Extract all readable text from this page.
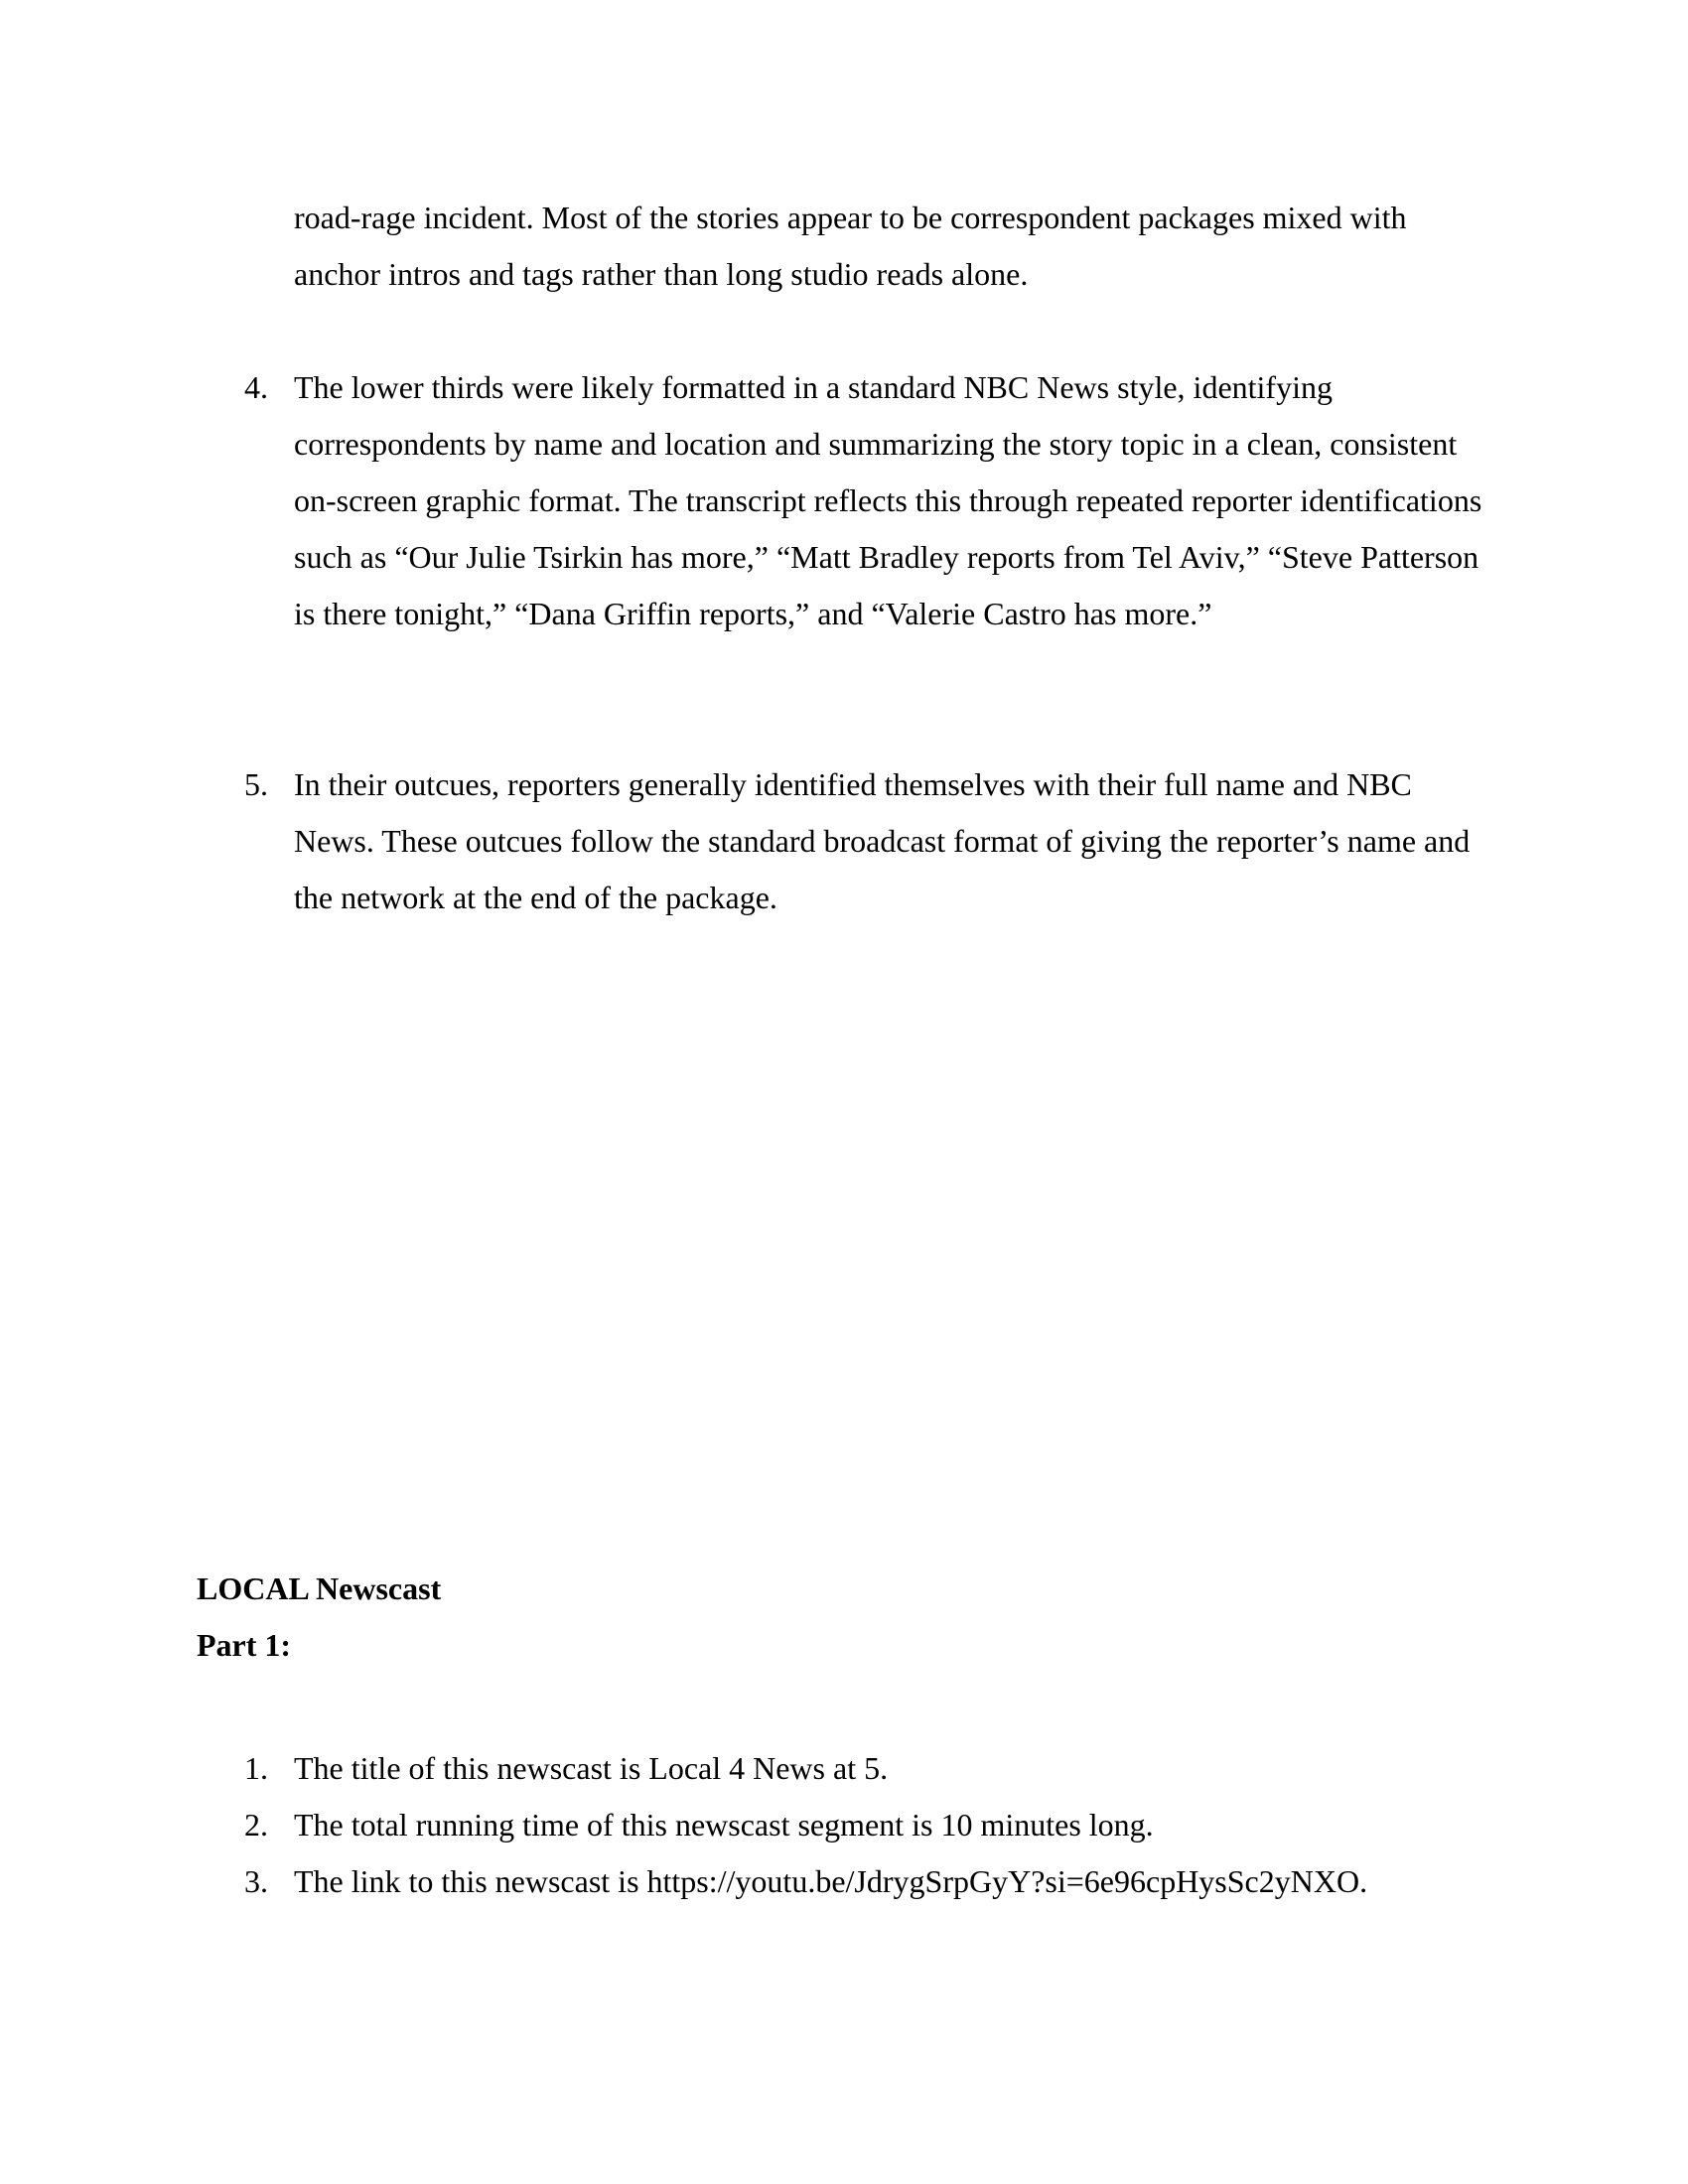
road-rage incident. Most of the stories appear to be correspondent packages mixed with anchor intros and tags rather than long studio reads alone.

4. The lower thirds were likely formatted in a standard NBC News style, identifying correspondents by name and location and summarizing the story topic in a clean, consistent on-screen graphic format. The transcript reflects this through repeated reporter identifications such as “Our Julie Tsirkin has more,” “Matt Bradley reports from Tel Aviv,” “Steve Patterson is there tonight,” “Dana Griffin reports,” and “Valerie Castro has more.”

5. In their outcues, reporters generally identified themselves with their full name and NBC News. These outcues follow the standard broadcast format of giving the reporter’s name and the network at the end of the package.

LOCAL Newscast

Part 1:

1. The title of this newscast is Local 4 News at 5.

2. The total running time of this newscast segment is 10 minutes long.

3. The link to this newscast is https://youtu.be/JdrygSrpGyY?si=6e96cpHysSc2yNXO.
